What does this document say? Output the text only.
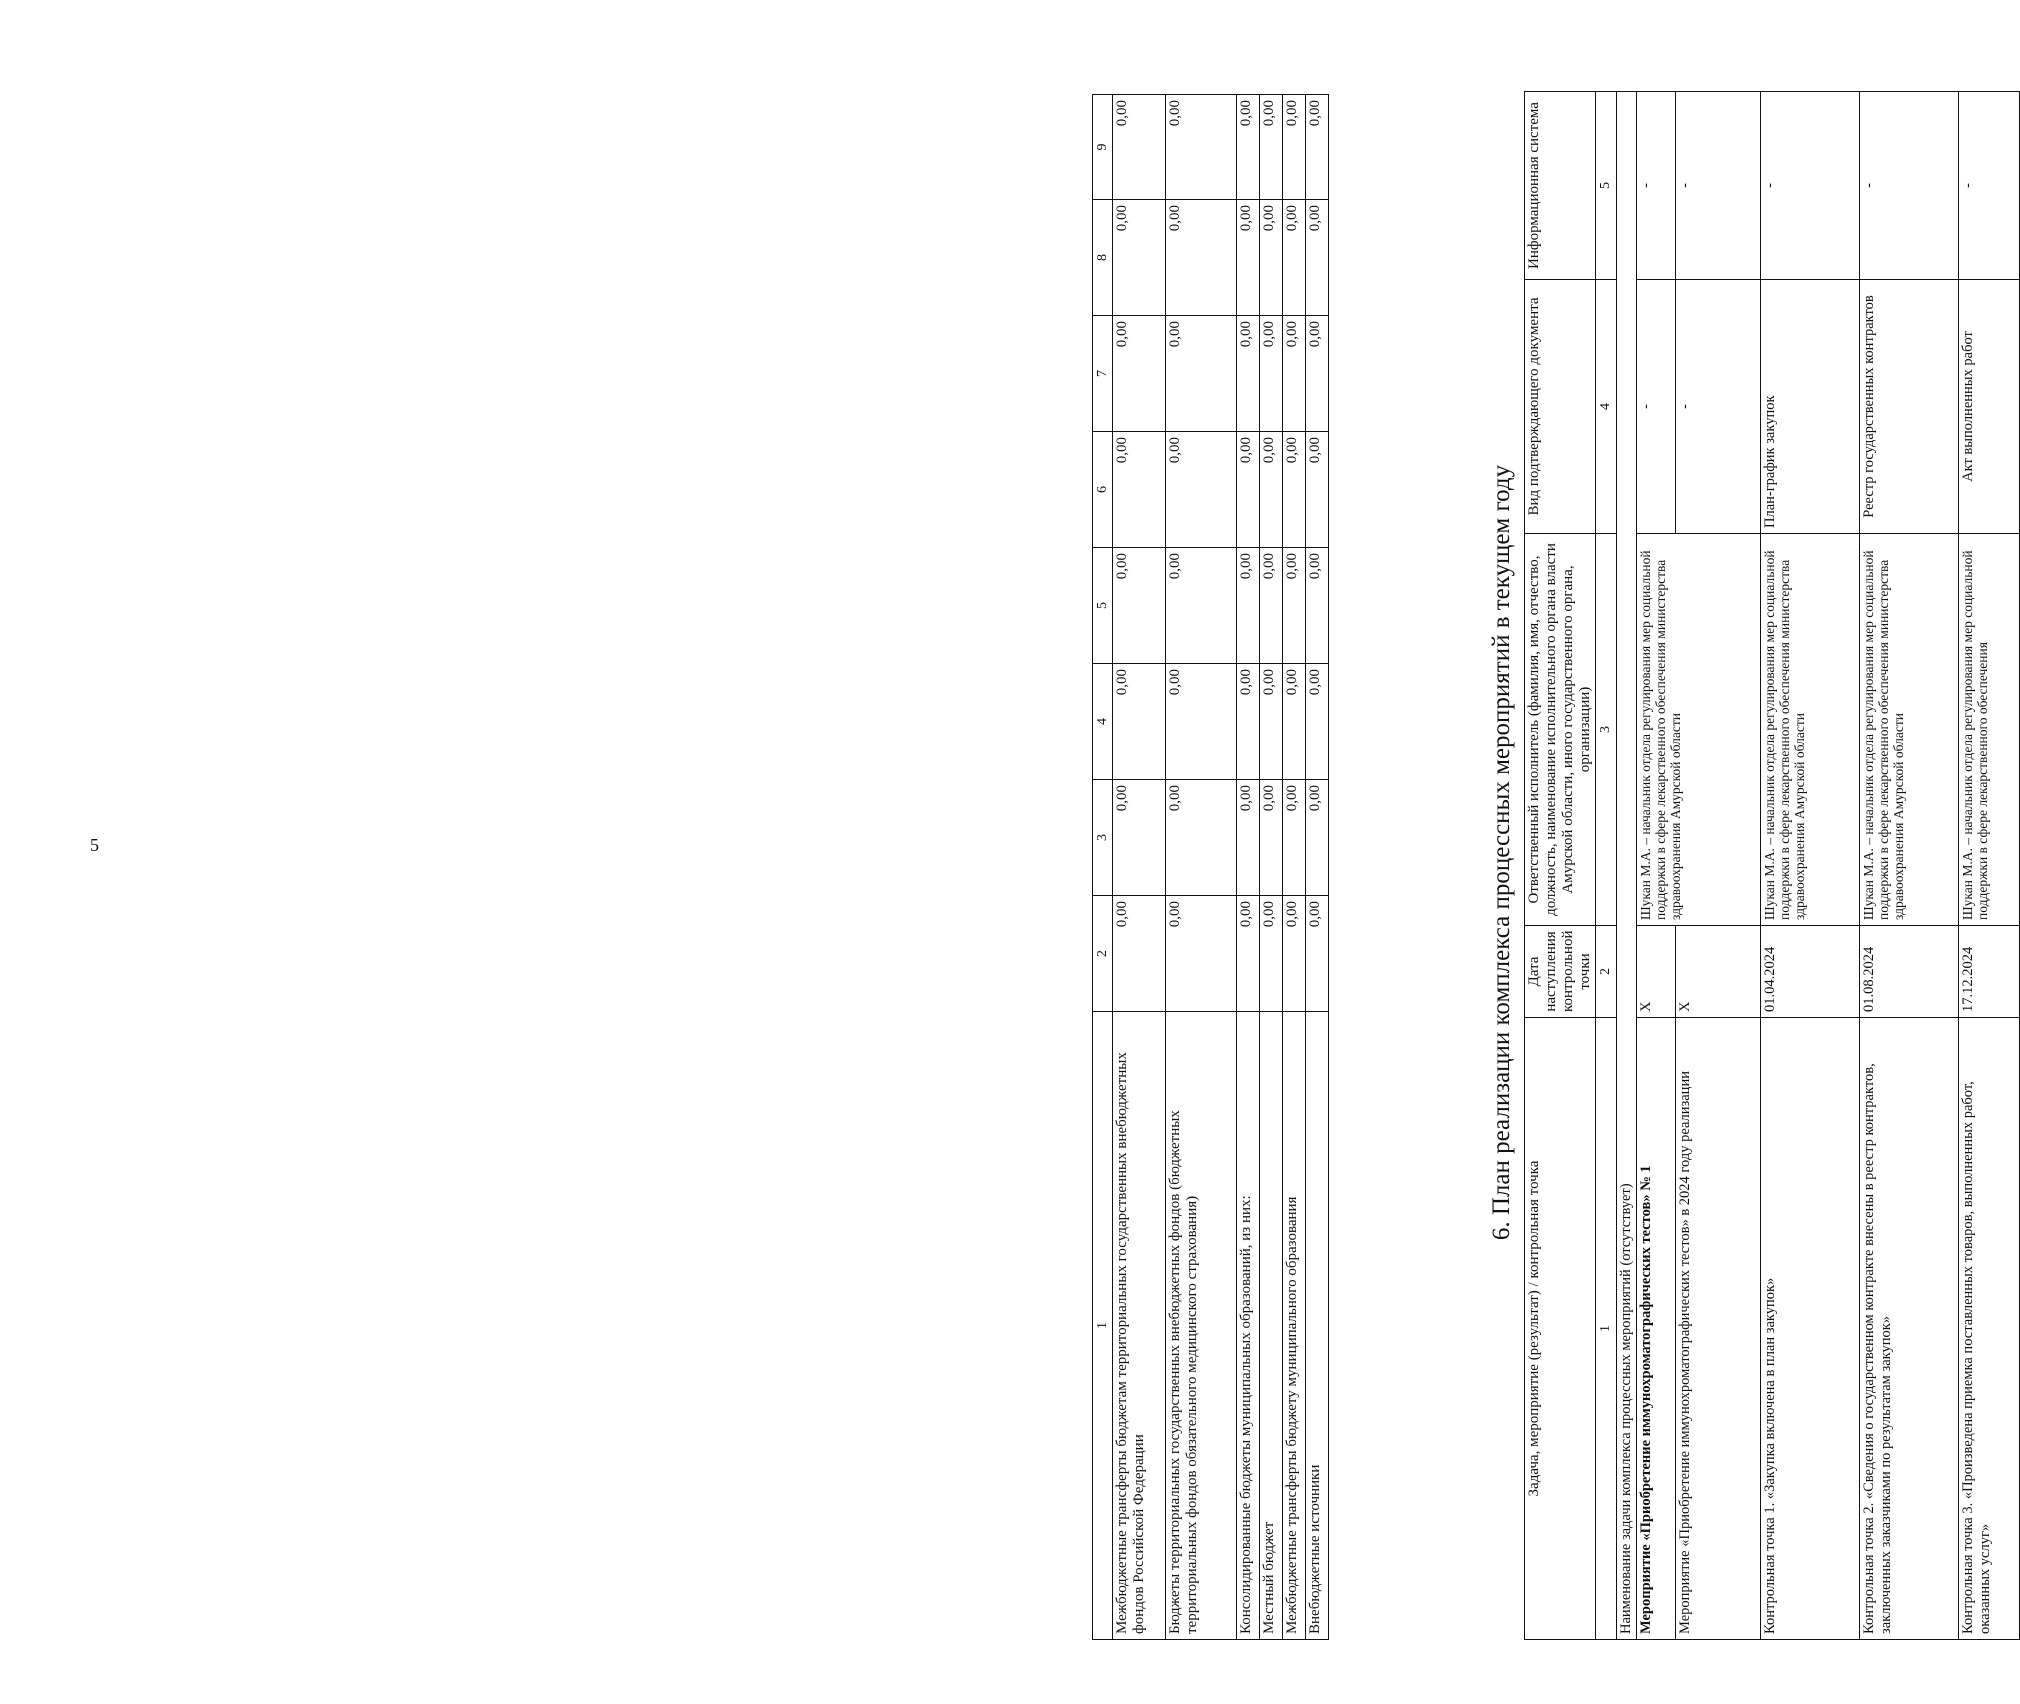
5
1	2	3	4	5	6	7	8	9
Межбюджетные трансферты бюджетам территориальных государственных внебюджетных фондов Российской Федерации	0,00	0,00	0,00	0,00	0,00	0,00	0,00	0,00
Бюджеты территориальных государственных внебюджетных фондов (бюджетных территориальных фондов обязательного медицинского страхования)	0,00	0,00	0,00	0,00	0,00	0,00	0,00	0,00
Консолидированные бюджеты муниципальных образований, из них:	0,00	0,00	0,00	0,00	0,00	0,00	0,00	0,00
Местный бюджет	0,00	0,00	0,00	0,00	0,00	0,00	0,00	0,00
Межбюджетные трансферты бюджету муниципального образования	0,00	0,00	0,00	0,00	0,00	0,00	0,00	0,00
Внебюджетные источники	0,00	0,00	0,00	0,00	0,00	0,00	0,00	0,00
6. План реализации комплекса процессных мероприятий в текущем году
Задача, мероприятие (результат) / контрольная точка	Дата наступления контрольной точки	Ответственный исполнитель (фамилия, имя, отчество, должность, наименование исполнительного органа власти Амурской области, иного государственного органа, организации)	Вид подтверждающего документа	Информационная система
1	2	3	4	5
Наименование задачи комплекса процессных мероприятий (отсутствует)				
Мероприятие «Приобретение иммунохроматографических тестов» № 1	Х	Шукан М.А. – начальник отдела регулирования мер социальной поддержки в сфере лекарственного обеспечения министерства здравоохранения Амурской области	-	-
Мероприятие «Приобретение иммунохроматографических тестов» в 2024 году реализации	Х		-	-
Контрольная точка 1. «Закупка включена в план закупок»	01.04.2024	Шукан М.А. – начальник отдела регулирования мер социальной поддержки в сфере лекарственного обеспечения министерства здравоохранения Амурской области	План-график закупок	-
Контрольная точка 2. «Сведения о государственном контракте внесены в реестр контрактов, заключенных заказчиками по результатам закупок»	01.08.2024	Шукан М.А. – начальник отдела регулирования мер социальной поддержки в сфере лекарственного обеспечения министерства здравоохранения Амурской области	Реестр государственных контрактов	-
Контрольная точка 3. «Произведена приемка поставленных товаров, выполненных работ, оказанных услуг»	17.12.2024	Шукан М.А. – начальник отдела регулирования мер социальной поддержки в сфере лекарственного обеспечения	Акт выполненных работ	-
